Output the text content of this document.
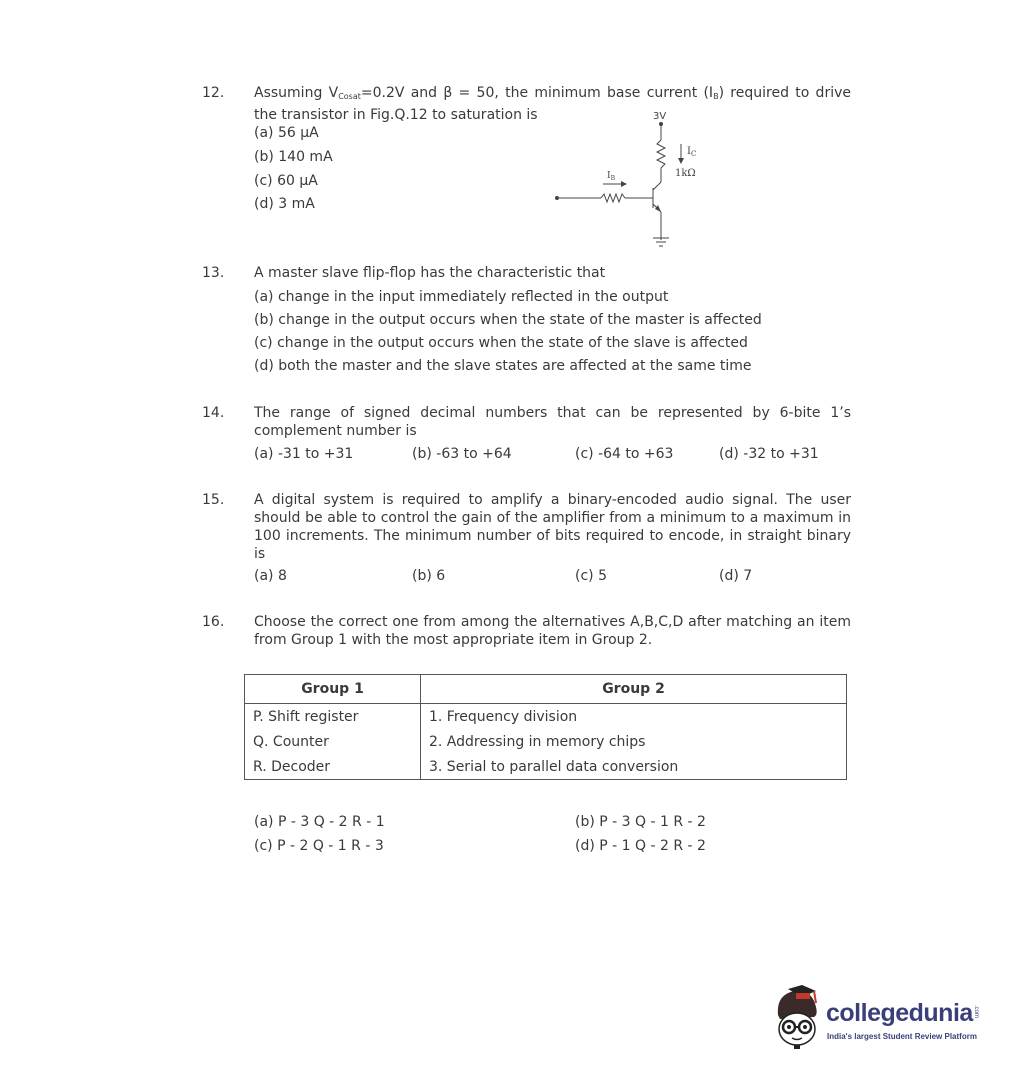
12. Assuming $V_{Cosat}=0.2V$ and β = 50, the minimum base current $(I_B)$ required to drive the transistor in Fig.Q.12 to saturation is
(a) 56 μA
(b) 140 mA
(c) 60 μA
(d) 3 mA
3V
$I_C$
1kΩ
$I_B$
13. A master slave flip-flop has the characteristic that
(a) change in the input immediately reflected in the output
(b) change in the output occurs when the state of the master is affected
(c) change in the output occurs when the state of the slave is affected
(d) both the master and the slave states are affected at the same time
14. The range of signed decimal numbers that can be represented by 6-bite 1’s complement number is
(a) -31 to +31	(b) -63 to +64	(c) -64 to +63	(d) -32 to +31
15. A digital system is required to amplify a binary-encoded audio signal. The user should be able to control the gain of the amplifier from a minimum to a maximum in 100 increments. The minimum number of bits required to encode, in straight binary is
(a) 8	(b) 6	(c) 5	(d) 7
16. Choose the correct one from among the alternatives A,B,C,D after matching an item from Group 1 with the most appropriate item in Group 2.
Group 1	Group 2
P. Shift register	1. Frequency division
Q. Counter	2. Addressing in memory chips
R. Decoder	3. Serial to parallel data conversion
(a) P - 3 Q - 2 R - 1	(b) P - 3 Q - 1 R - 2
(c) P - 2 Q - 1 R - 3	(d) P - 1 Q - 2 R - 2
collegedunia.com
India's largest Student Review Platform
